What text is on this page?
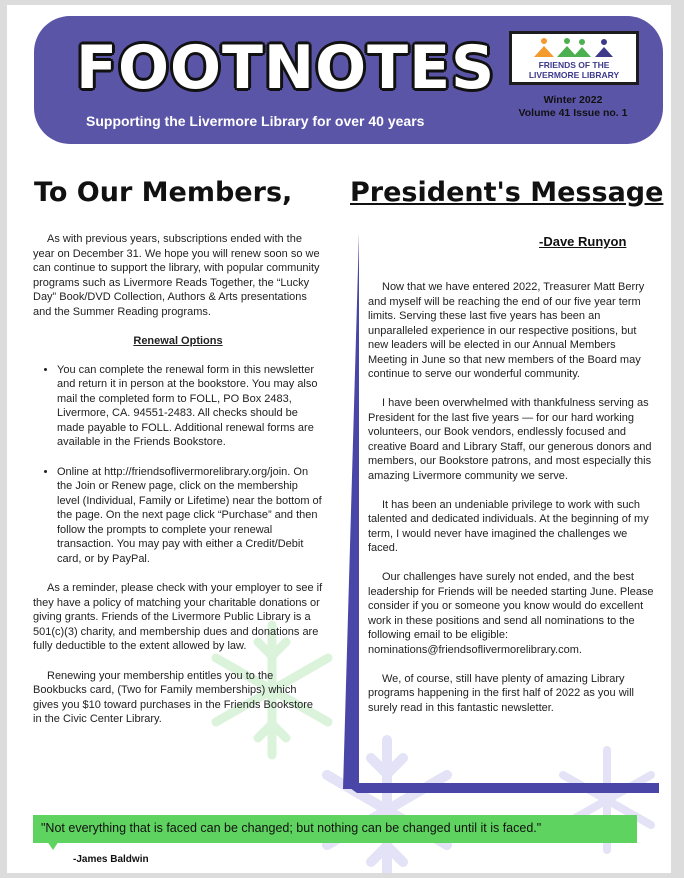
FOOTNOTES
Supporting the Livermore Library for over 40 years
FRIENDS OF THE
LIVERMORE LIBRARY
Winter 2022
Volume 41 Issue no. 1
To Our Members, President's Message
-Dave Runyon

As with previous years, subscriptions ended with the year on December 31. We hope you will renew soon so we can continue to support the library, with popular community programs such as Livermore Reads Together, the “Lucky Day” Book/DVD Collection, Authors & Arts presentations and the Summer Reading programs.

Renewal Options
• You can complete the renewal form in this newsletter and return it in person at the bookstore. You may also mail the completed form to FOLL, PO Box 2483, Livermore, CA. 94551-2483. All checks should be made payable to FOLL. Additional renewal forms are available in the Friends Bookstore.
• Online at http://friendsoflivermorelibrary.org/join. On the Join or Renew page, click on the membership level (Individual, Family or Lifetime) near the bottom of the page. On the next page click “Purchase” and then follow the prompts to complete your renewal transaction. You may pay with either a Credit/Debit card, or by PayPal.

As a reminder, please check with your employer to see if they have a policy of matching your charitable donations or giving grants. Friends of the Livermore Public Library is a 501(c)(3) charity, and membership dues and donations are fully deductible to the extent allowed by law.

Renewing your membership entitles you to the Bookbucks card, (Two for Family memberships) which gives you $10 toward purchases in the Friends Bookstore in the Civic Center Library.

Now that we have entered 2022, Treasurer Matt Berry and myself will be reaching the end of our five year term limits. Serving these last five years has been an unparalleled experience in our respective positions, but new leaders will be elected in our Annual Members Meeting in June so that new members of the Board may continue to serve our wonderful community.

I have been overwhelmed with thankfulness serving as President for the last five years — for our hard working volunteers, our Book vendors, endlessly focused and creative Board and Library Staff, our generous donors and members, our Bookstore patrons, and most especially this amazing Livermore community we serve.

It has been an undeniable privilege to work with such talented and dedicated individuals. At the beginning of my term, I would never have imagined the challenges we faced.

Our challenges have surely not ended, and the best leadership for Friends will be needed starting June. Please consider if you or someone you know would do excellent work in these positions and send all nominations to the following email to be eligible: nominations@friendsoflivermorelibrary.com.

We, of course, still have plenty of amazing Library programs happening in the first half of 2022 as you will surely read in this fantastic newsletter.

"Not everything that is faced can be changed; but nothing can be changed until it is faced."
-James Baldwin
